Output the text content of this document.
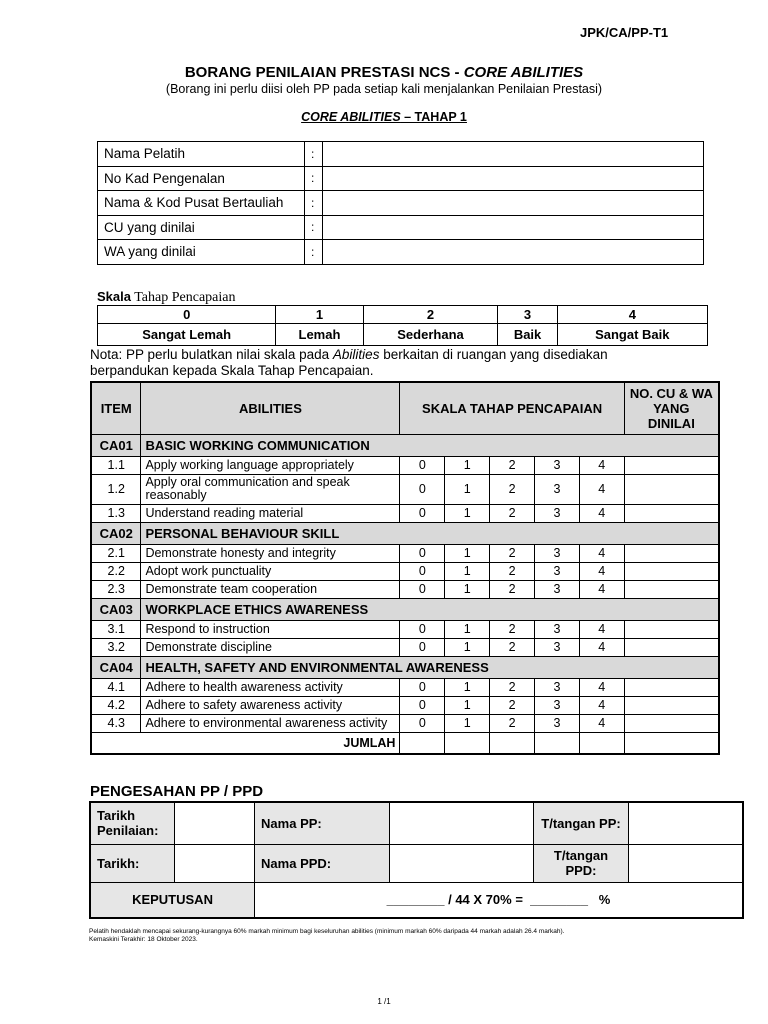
JPK/CA/PP-T1
BORANG PENILAIAN PRESTASI NCS - CORE ABILITIES
(Borang ini perlu diisi oleh PP pada setiap kali menjalankan Penilaian Prestasi)
CORE ABILITIES – TAHAP 1
Nama Pelatih	:	
No Kad Pengenalan	:	
Nama & Kod Pusat Bertauliah	:	
CU yang dinilai	:	
WA yang dinilai	:	
Skala Tahap Pencapaian
0	1	2	3	4
Sangat Lemah	Lemah	Sederhana	Baik	Sangat Baik
Nota: PP perlu bulatkan nilai skala pada Abilities berkaitan di ruangan yang disediakan
berpandukan kepada Skala Tahap Pencapaian.
ITEM	ABILITIES	SKALA TAHAP PENCAPAIAN					NO. CU & WA YANG DINILAI
CA01	BASIC WORKING COMMUNICATION						
1.1	Apply working language appropriately	0	1	2	3	4	
1.2	Apply oral communication and speak reasonably	0	1	2	3	4	
1.3	Understand reading material	0	1	2	3	4	
CA02	PERSONAL BEHAVIOUR SKILL						
2.1	Demonstrate honesty and integrity	0	1	2	3	4	
2.2	Adopt work punctuality	0	1	2	3	4	
2.3	Demonstrate team cooperation	0	1	2	3	4	
CA03	WORKPLACE ETHICS AWARENESS						
3.1	Respond to instruction	0	1	2	3	4	
3.2	Demonstrate discipline	0	1	2	3	4	
CA04	HEALTH, SAFETY AND ENVIRONMENTAL AWARENESS						
4.1	Adhere to health awareness activity	0	1	2	3	4	
4.2	Adhere to safety awareness activity	0	1	2	3	4	
4.3	Adhere to environmental awareness activity	0	1	2	3	4	
JUMLAH							
PENGESAHAN PP / PPD
Tarikh Penilaian:		Nama PP:		T/tangan PP:	
Tarikh:		Nama PPD:		T/tangan PPD:	
KEPUTUSAN		________ / 44 X 70% =  ________   %			
Pelatih hendaklah mencapai sekurang-kurangnya 60% markah minimum bagi keseluruhan abilities (minimum markah 60% daripada 44 markah adalah 26.4 markah).
Kemaskini Terakhir: 18 Oktober 2023.
1 /1
